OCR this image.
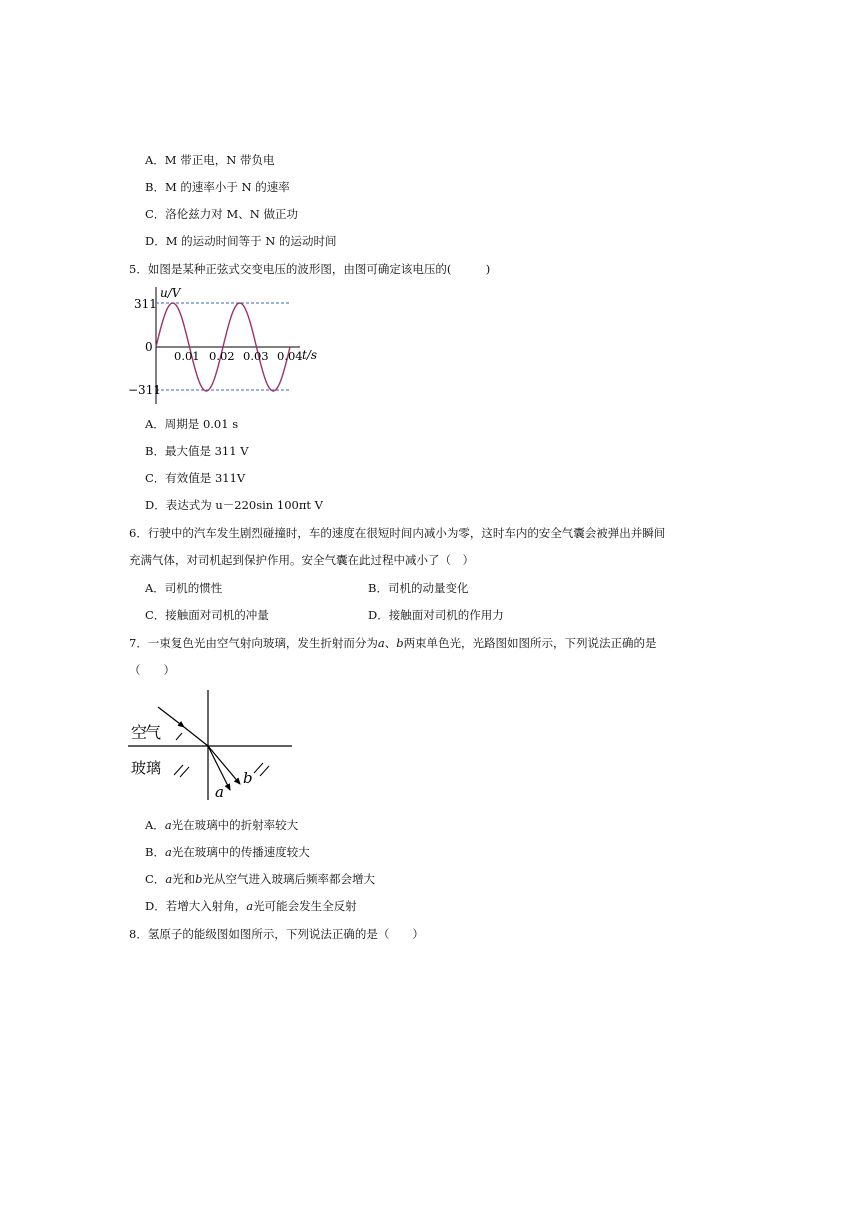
A．M 带正电，N 带负电
B．M 的速率小于 N 的速率
C．洛伦兹力对 M、N 做正功
D．M 的运动时间等于 N 的运动时间
5．如图是某种正弦式交变电压的波形图，由图可确定该电压的(　　　)
u/V
311
0
−311
0.01 0.02 0.03 0.04 t/s
A．周期是 0.01 s
B．最大值是 311 V
C．有效值是 311V
D．表达式为 u－220sin 100πt V
6．行驶中的汽车发生剧烈碰撞时，车的速度在很短时间内减小为零，这时车内的安全气囊会被弹出并瞬间
充满气体，对司机起到保护作用。安全气囊在此过程中减小了（　）
A．司机的惯性	B．司机的动量变化
C．接触面对司机的冲量	D．接触面对司机的作用力
7．一束复色光由空气射向玻璃，发生折射而分为a、b两束单色光，光路图如图所示，下列说法正确的是
（　　）
空气
玻璃
a
b
A．a光在玻璃中的折射率较大
B．a光在玻璃中的传播速度较大
C．a光和b光从空气进入玻璃后频率都会增大
D．若增大入射角，a光可能会发生全反射
8．氢原子的能级图如图所示，下列说法正确的是（　　）
